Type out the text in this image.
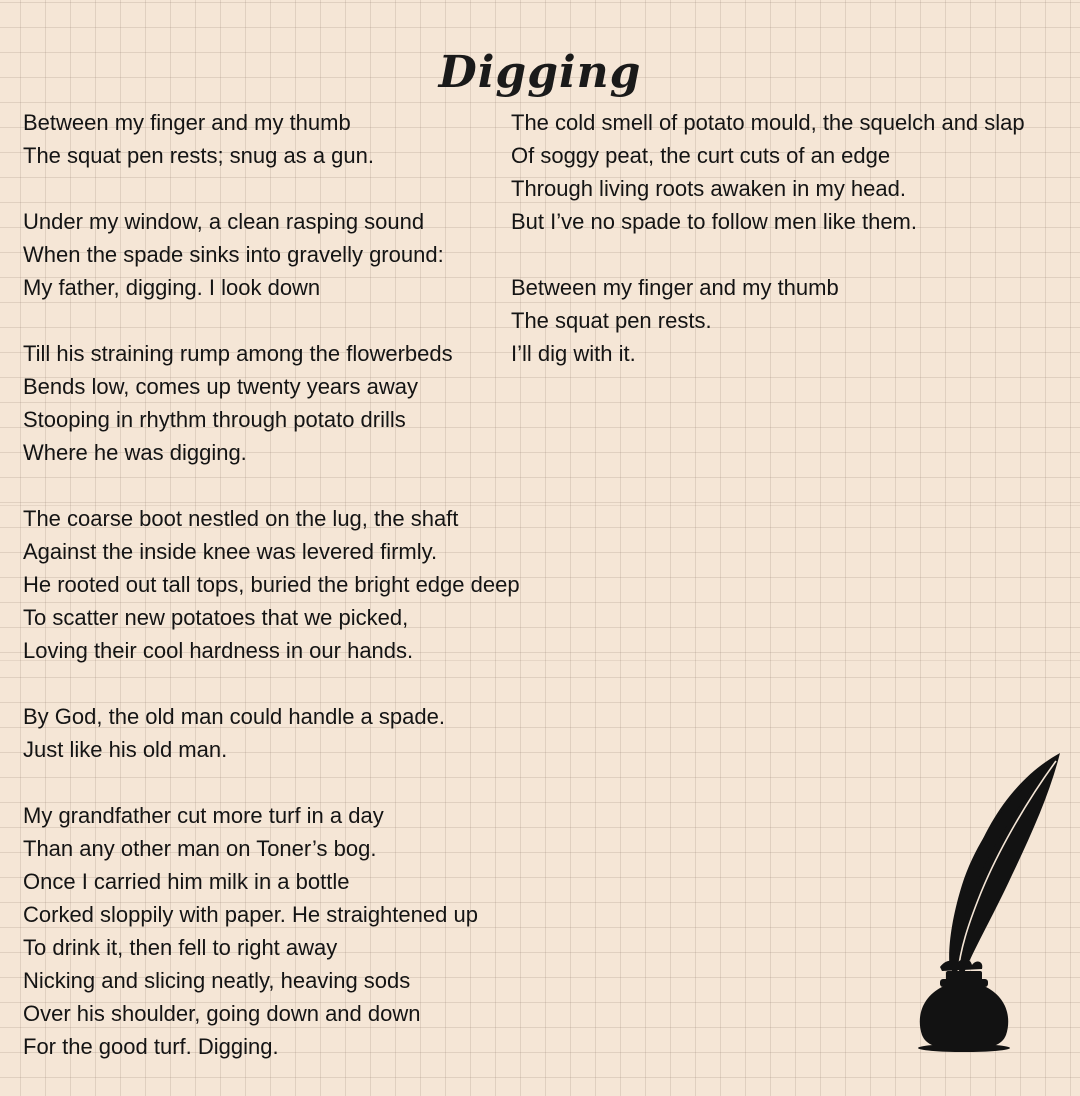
Digging
Between my finger and my thumb
The squat pen rests; snug as a gun.
Under my window, a clean rasping sound
When the spade sinks into gravelly ground:
My father, digging. I look down
Till his straining rump among the flowerbeds
Bends low, comes up twenty years away
Stooping in rhythm through potato drills
Where he was digging.
The coarse boot nestled on the lug, the shaft
Against the inside knee was levered firmly.
He rooted out tall tops, buried the bright edge deep
To scatter new potatoes that we picked,
Loving their cool hardness in our hands.
By God, the old man could handle a spade.
Just like his old man.
My grandfather cut more turf in a day
Than any other man on Toner’s bog.
Once I carried him milk in a bottle
Corked sloppily with paper. He straightened up
To drink it, then fell to right away
Nicking and slicing neatly, heaving sods
Over his shoulder, going down and down
For the good turf. Digging.
The cold smell of potato mould, the squelch and slap
Of soggy peat, the curt cuts of an edge
Through living roots awaken in my head.
But I’ve no spade to follow men like them.
Between my finger and my thumb
The squat pen rests.
I’ll dig with it.
